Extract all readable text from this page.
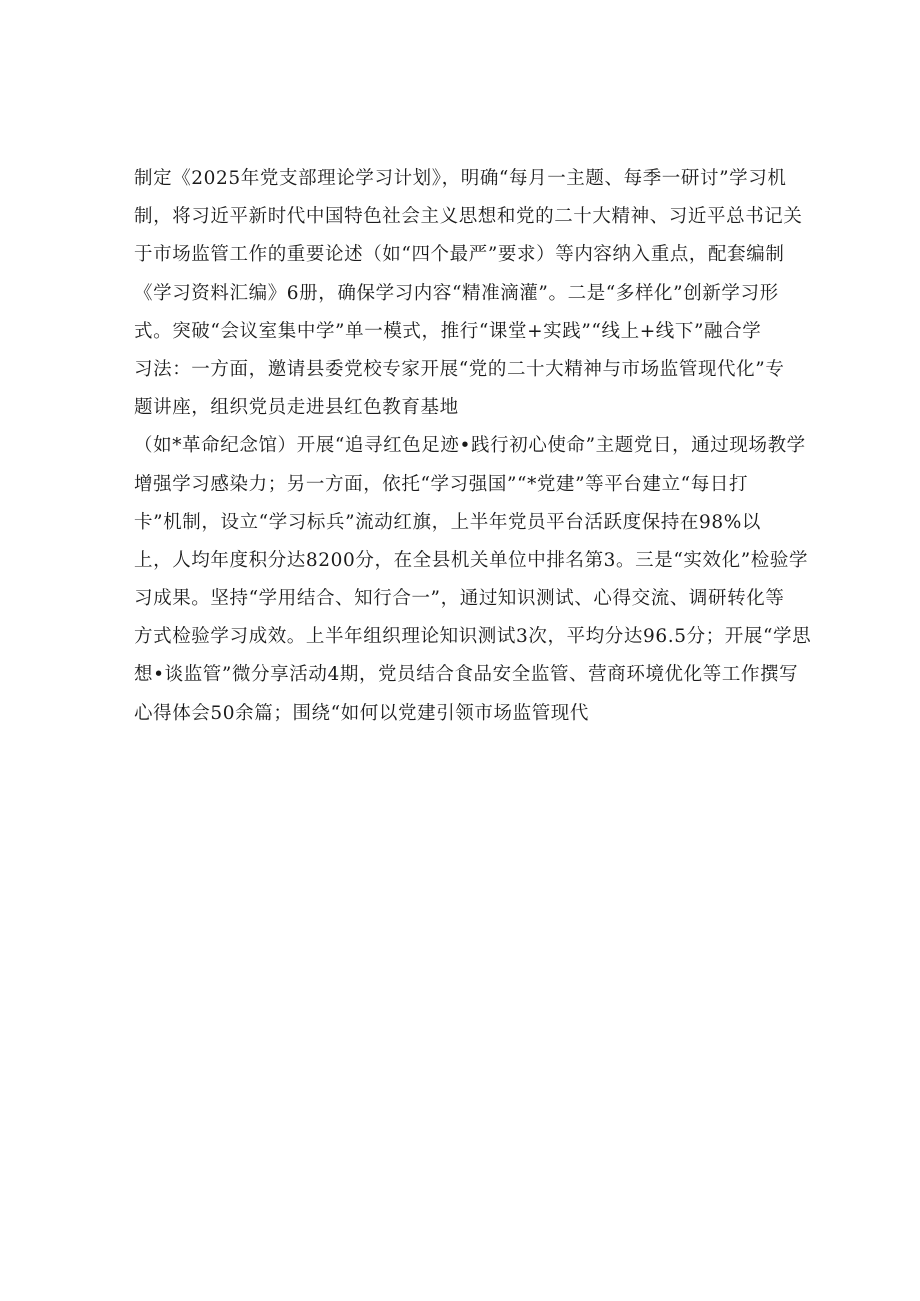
制定《2025年党支部理论学习计划》，明确“每月一主题、每季一研讨”学习机
制，将习近平新时代中国特色社会主义思想和党的二十大精神、习近平总书记关
于市场监管工作的重要论述（如“四个最严”要求）等内容纳入重点，配套编制
《学习资料汇编》6册，确保学习内容“精准滴灌”。二是“多样化”创新学习形
式。突破“会议室集中学”单一模式，推行“课堂+实践”“线上+线下”融合学
习法：一方面，邀请县委党校专家开展“党的二十大精神与市场监管现代化”专
题讲座，组织党员走进县红色教育基地
（如*革命纪念馆）开展“追寻红色足迹•践行初心使命”主题党日，通过现场教学
增强学习感染力；另一方面，依托“学习强国”“*党建”等平台建立“每日打
卡”机制，设立“学习标兵”流动红旗，上半年党员平台活跃度保持在98%以
上，人均年度积分达8200分，在全县机关单位中排名第3。三是“实效化”检验学
习成果。坚持“学用结合、知行合一”，通过知识测试、心得交流、调研转化等
方式检验学习成效。上半年组织理论知识测试3次，平均分达96.5分；开展“学思
想•谈监管”微分享活动4期，党员结合食品安全监管、营商环境优化等工作撰写
心得体会50余篇；围绕“如何以党建引领市场监管现代
